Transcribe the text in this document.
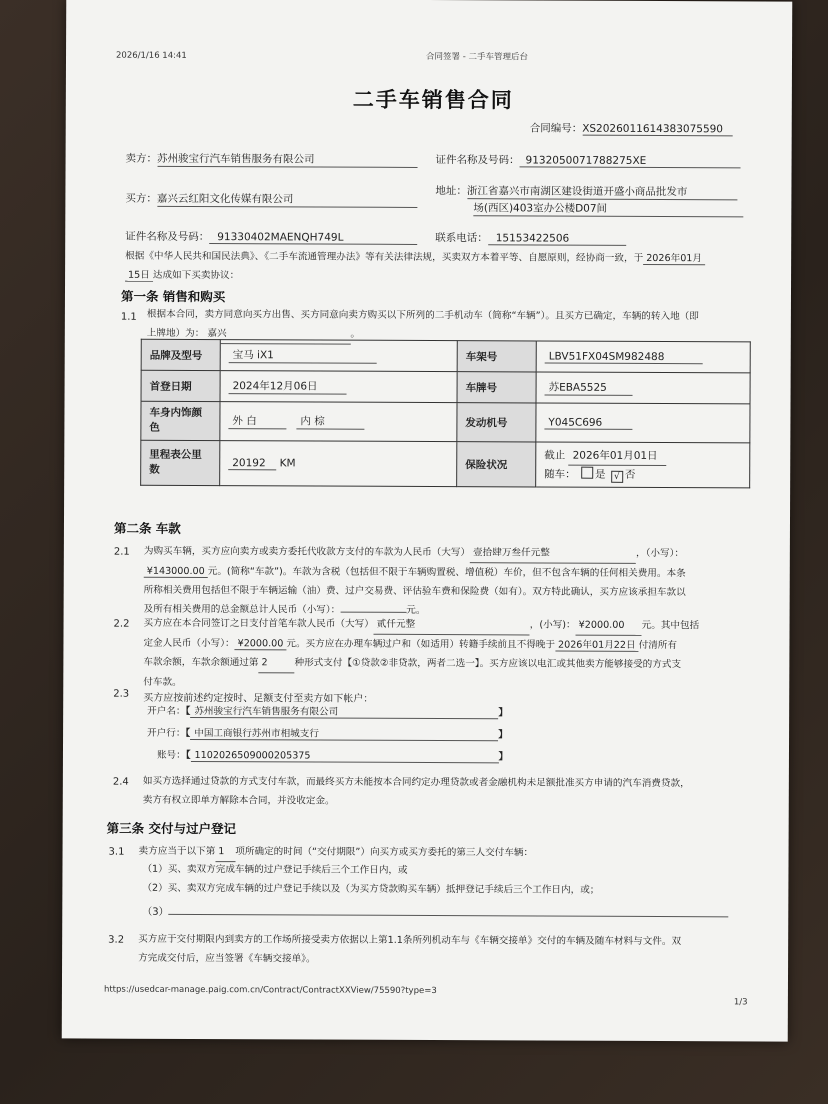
2026/1/16 14:41	合同签署 - 二手车管理后台
二手车销售合同
合同编号：XS2026011614383075590
卖方：苏州骏宝行汽车销售服务有限公司	证件名称及号码： 9132050071788275XE
买方：嘉兴云红阳文化传媒有限公司
地址：浙江省嘉兴市南湖区建设街道开盛小商品批发市
场(西区)403室办公楼D07间
证件名称及号码： 91330402MAENQH749L	联系电话： 15153422506
根据《中华人民共和国民法典》、《二手车流通管理办法》等有关法律法规，买卖双方本着平等、自愿原则，经协商一致，于 2026年01月
15日 达成如下买卖协议：
第一条 销售和购买
1.1 根据本合同，卖方同意向买方出售、买方同意向卖方购买以下所列的二手机动车（简称“车辆”）。且买方已确定，车辆的转入地（即
上牌地）为： 嘉兴	。
品牌及型号	宝马 iX1	车架号	LBV51FX04SM982488
首登日期	2024年12月06日	车牌号	苏EBA5525
车身内饰颜
色	外 白 内 棕	发动机号	Y045C696
里程表公里
数	20192 KM	保险状况	截止 2026年01月01日
随车： 是 √ 否
第二条 车款
2.1 为购买车辆，买方应向卖方或卖方委托代收款方支付的车款为人民币（大写） 壹拾肆万叁仟元整	，（小写）：
¥143000.00 元。(简称“车款”)。车款为含税（包括但不限于车辆购置税、增值税）车价，但不包含车辆的任何相关费用。本条
所称相关费用包括但不限于车辆运输（油）费、过户交易费、评估验车费和保险费（如有）。双方特此确认，买方应该承担车款以
及所有相关费用的总金额总计人民币（小写）：	元。
2.2 买方应在本合同签订之日支付首笔车款人民币（大写） 贰仟元整	，(小写)： ¥2000.00 元。其中包括
定金人民币（小写）： ¥2000.00 元。买方应在办理车辆过户和（如适用）转籍手续前且不得晚于 2026年01月22日 付清所有
车款余额，车款余额通过第 2	种形式支付【①贷款②非贷款，两者二选一】。买方应该以电汇或其他卖方能够接受的方式支
付车款。
2.3 买方应按前述约定按时、足额支付至卖方如下帐户：
开户名：【 苏州骏宝行汽车销售服务有限公司	】
开户行：【 中国工商银行苏州市相城支行	】
账号：【 1102026509000205375	】
2.4 如买方选择通过贷款的方式支付车款，而最终买方未能按本合同约定办理贷款或者金融机构未足额批准买方申请的汽车消费贷款，
卖方有权立即单方解除本合同，并没收定金。
第三条 交付与过户登记
3.1 卖方应当于以下第 1 项所确定的时间（“交付期限”）向买方或买方委托的第三人交付车辆：
（1）买、卖双方完成车辆的过户登记手续后三个工作日内，或
（2）买、卖双方完成车辆的过户登记手续以及（为买方贷款购买车辆）抵押登记手续后三个工作日内，或；
（3）
3.2 买方应于交付期限内到卖方的工作场所接受卖方依据以上第1.1条所列机动车与《车辆交接单》交付的车辆及随车材料与文件。双
方完成交付后，应当签署《车辆交接单》。
https://usedcar-manage.paig.com.cn/Contract/ContractXXView/75590?type=3
1/3
